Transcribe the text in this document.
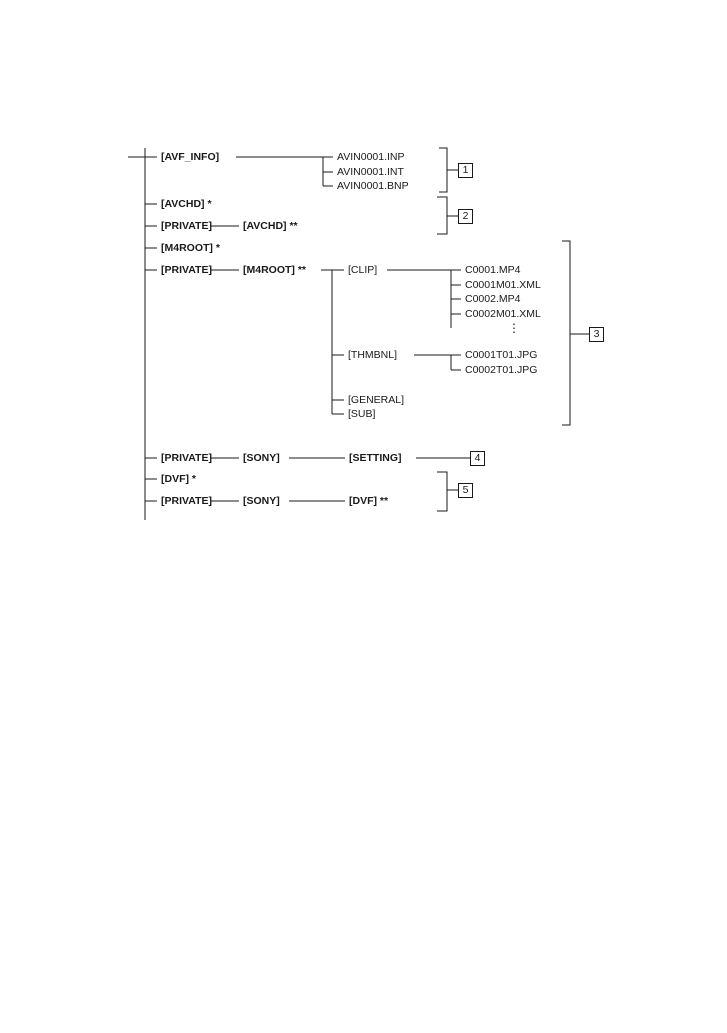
[AVF_INFO]	AVIN0001.INP
AVIN0001.INT
AVIN0001.BNP
1
[AVCHD] *
[PRIVATE]	[AVCHD] **
2
[M4ROOT] *
[PRIVATE]	[M4ROOT] **	[CLIP]	C0001.MP4
C0001M01.XML
C0002.MP4
C0002M01.XML
⋮
[THMBNL]	C0001T01.JPG
C0002T01.JPG
[GENERAL]
[SUB]
3
[PRIVATE]	[SONY]	[SETTING]	4
[DVF] *
[PRIVATE]	[SONY]	[DVF] **
5
